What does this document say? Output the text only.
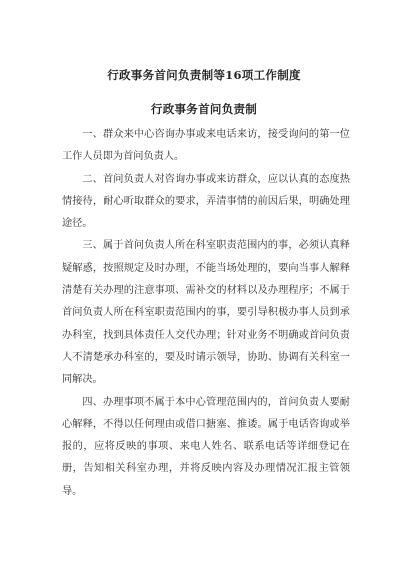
行政事务首问负责制等16项工作制度
行政事务首问负责制

一、群众来中心咨询办事或来电话来访，接受询问的第一位工作人员即为首问负责人。

二、首问负责人对咨询办事或来访群众，应以认真的态度热情接待，耐心听取群众的要求，弄清事情的前因后果，明确处理途径。

三、属于首问负责人所在科室职责范围内的事，必须认真释疑解惑，按照规定及时办理，不能当场处理的，要向当事人解释清楚有关办理的注意事项、需补交的材料以及办理程序；不属于首问负责人所在科室职责范围内的事，要引导积极办事人员到承办科室，找到具体责任人交代办理；针对业务不明确或首问负责人不清楚承办科室的，要及时请示领导，协助、协调有关科室一同解决。

四、办理事项不属于本中心管理范围内的，首问负责人要耐心解释，不得以任何理由或借口搪塞、推诿。属于电话咨询或举报的，应将反映的事项、来电人姓名、联系电话等详细登记在册，告知相关科室办理，并将反映内容及办理情况汇报主管领导。
